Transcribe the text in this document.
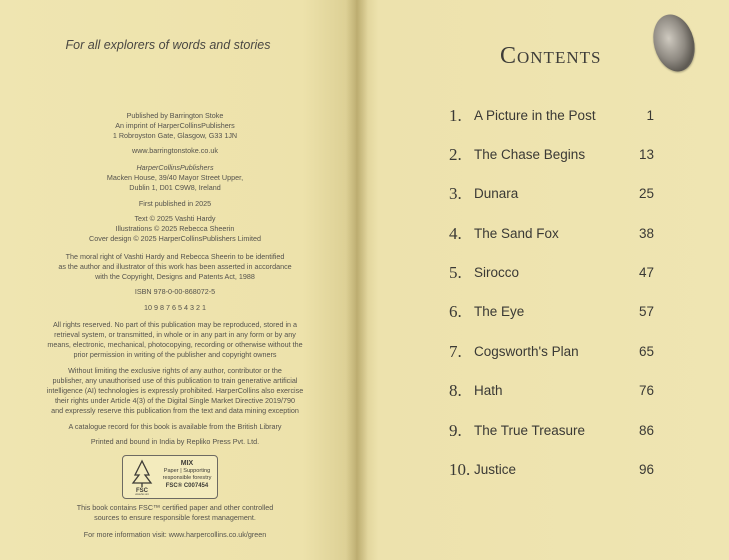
For all explorers of words and stories

Published by Barrington Stoke

An imprint of HarperCollinsPublishers

1 Robroyston Gate, Glasgow, G33 1JN

www.barringtonstoke.co.uk

HarperCollinsPublishers

Macken House, 39/40 Mayor Street Upper,

Dublin 1, D01 C9W8, Ireland

First published in 2025

Text © 2025 Vashti Hardy

Illustrations © 2025 Rebecca Sheerin

Cover design © 2025 HarperCollinsPublishers Limited

The moral right of Vashti Hardy and Rebecca Sheerin to be identified

as the author and illustrator of this work has been asserted in accordance

with the Copyright, Designs and Patents Act, 1988

ISBN 978-0-00-868072-5
10 9 8 7 6 5 4 3 2 1

All rights reserved. No part of this publication may be reproduced, stored in a

retrieval system, or transmitted, in whole or in any part in any form or by any

means, electronic, mechanical, photocopying, recording or otherwise without the

prior permission in writing of the publisher and copyright owners

Without limiting the exclusive rights of any author, contributor or the

publisher, any unauthorised use of this publication to train generative artificial

intelligence (AI) technologies is expressly prohibited. HarperCollins also exercise

their rights under Article 4(3) of the Digital Single Market Directive 2019/790

and expressly reserve this publication from the text and data mining exception

A catalogue record for this book is available from the British Library
Printed and bound in India by Repliko Press Pvt. Ltd.
FSC
www.fsc.org
MIX
Paper | Supporting
responsible forestry
FSC® C007454

This book contains FSC™ certified paper and other controlled

sources to ensure responsible forest management.

For more information visit: www.harpercollins.co.uk/green
Contents
1. A Picture in the Post	1
2. The Chase Begins	13
3. Dunara	25
4. The Sand Fox	38
5. Sirocco	47
6. The Eye	57
7. Cogsworth's Plan	65
8. Hath	76
9. The True Treasure	86
10. Justice	96
